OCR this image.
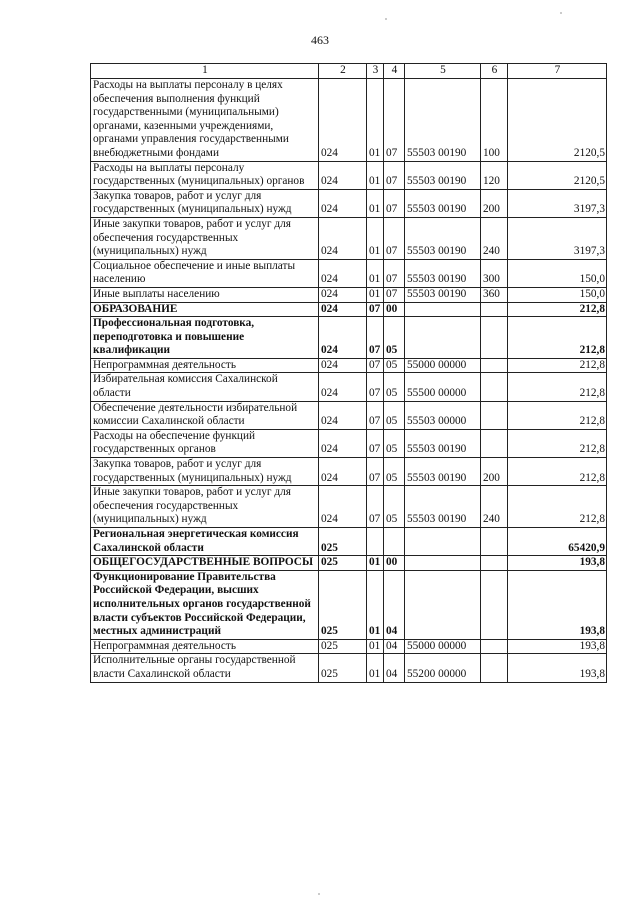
463
1	2	3	4	5	6	7
Расходы на выплаты персоналу в целях обеспечения выполнения функций государственными (муниципальными) органами, казенными учреждениями, органами управления государственными внебюджетными фондами	024	01	07	55503 00190	100	2120,5
Расходы на выплаты персоналу государственных (муниципальных) органов	024	01	07	55503 00190	120	2120,5
Закупка товаров, работ и услуг для государственных (муниципальных) нужд	024	01	07	55503 00190	200	3197,3
Иные закупки товаров, работ и услуг для обеспечения государственных (муниципальных) нужд	024	01	07	55503 00190	240	3197,3
Социальное обеспечение и иные выплаты населению	024	01	07	55503 00190	300	150,0
Иные выплаты населению	024	01	07	55503 00190	360	150,0
ОБРАЗОВАНИЕ	024	07	00			212,8
Профессиональная подготовка, переподготовка и повышение квалификации	024	07	05			212,8
Непрограммная деятельность	024	07	05	55000 00000		212,8
Избирательная комиссия Сахалинской области	024	07	05	55500 00000		212,8
Обеспечение деятельности избирательной комиссии Сахалинской области	024	07	05	55503 00000		212,8
Расходы на обеспечение функций государственных органов	024	07	05	55503 00190		212,8
Закупка товаров, работ и услуг для государственных (муниципальных) нужд	024	07	05	55503 00190	200	212,8
Иные закупки товаров, работ и услуг для обеспечения государственных (муниципальных) нужд	024	07	05	55503 00190	240	212,8
Региональная энергетическая комиссия Сахалинской области	025					65420,9
ОБЩЕГОСУДАРСТВЕННЫЕ ВОПРОСЫ	025	01	00			193,8
Функционирование Правительства Российской Федерации, высших исполнительных органов государственной власти субъектов Российской Федерации, местных администраций	025	01	04			193,8
Непрограммная деятельность	025	01	04	55000 00000		193,8
Исполнительные органы государственной власти Сахалинской области	025	01	04	55200 00000		193,8
